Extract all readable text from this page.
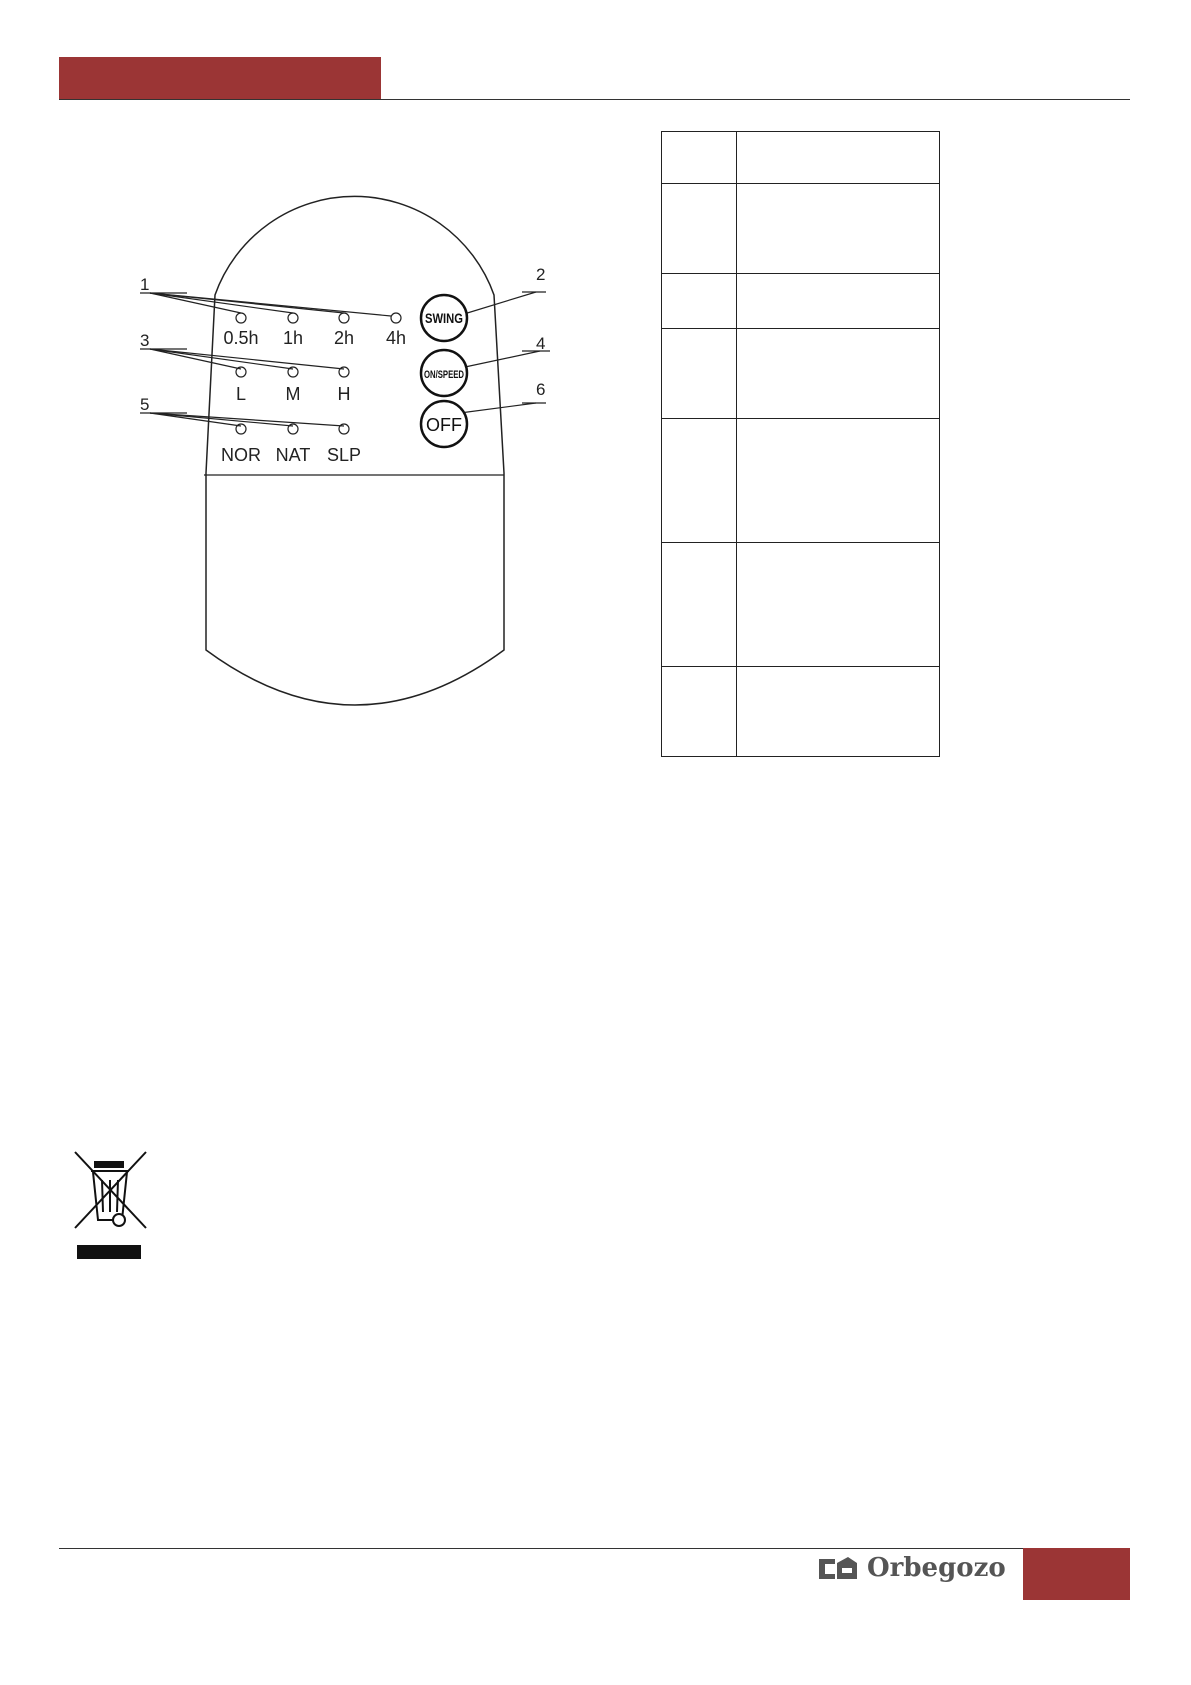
SWING
ON/SPEED
OFF
1
2
3	4
5
6
0.5h 1h 2h 4h
L M H
NOR NAT SLP

Orbegozo
